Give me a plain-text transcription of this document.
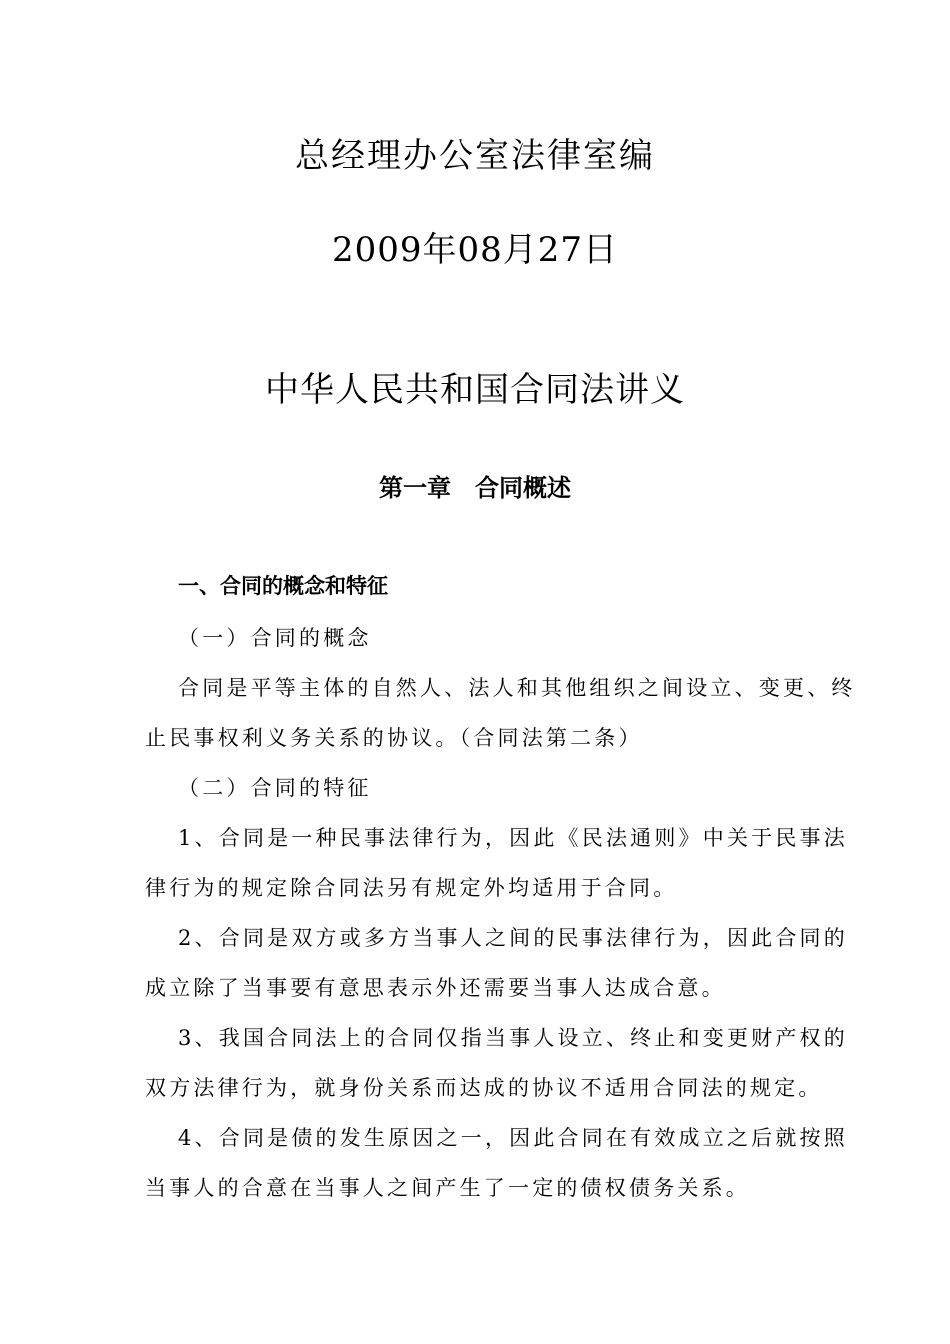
总经理办公室法律室编
2009年08月27日
中华人民共和国合同法讲义
第一章　合同概述
一、合同的概念和特征
（一）合同的概念
合同是平等主体的自然人、法人和其他组织之间设立、变更、终
止民事权利义务关系的协议。（合同法第二条）
（二）合同的特征
1、合同是一种民事法律行为，因此《民法通则》中关于民事法
律行为的规定除合同法另有规定外均适用于合同。
2、合同是双方或多方当事人之间的民事法律行为，因此合同的
成立除了当事要有意思表示外还需要当事人达成合意。
3、我国合同法上的合同仅指当事人设立、终止和变更财产权的
双方法律行为，就身份关系而达成的协议不适用合同法的规定。
4、合同是债的发生原因之一，因此合同在有效成立之后就按照
当事人的合意在当事人之间产生了一定的债权债务关系。
